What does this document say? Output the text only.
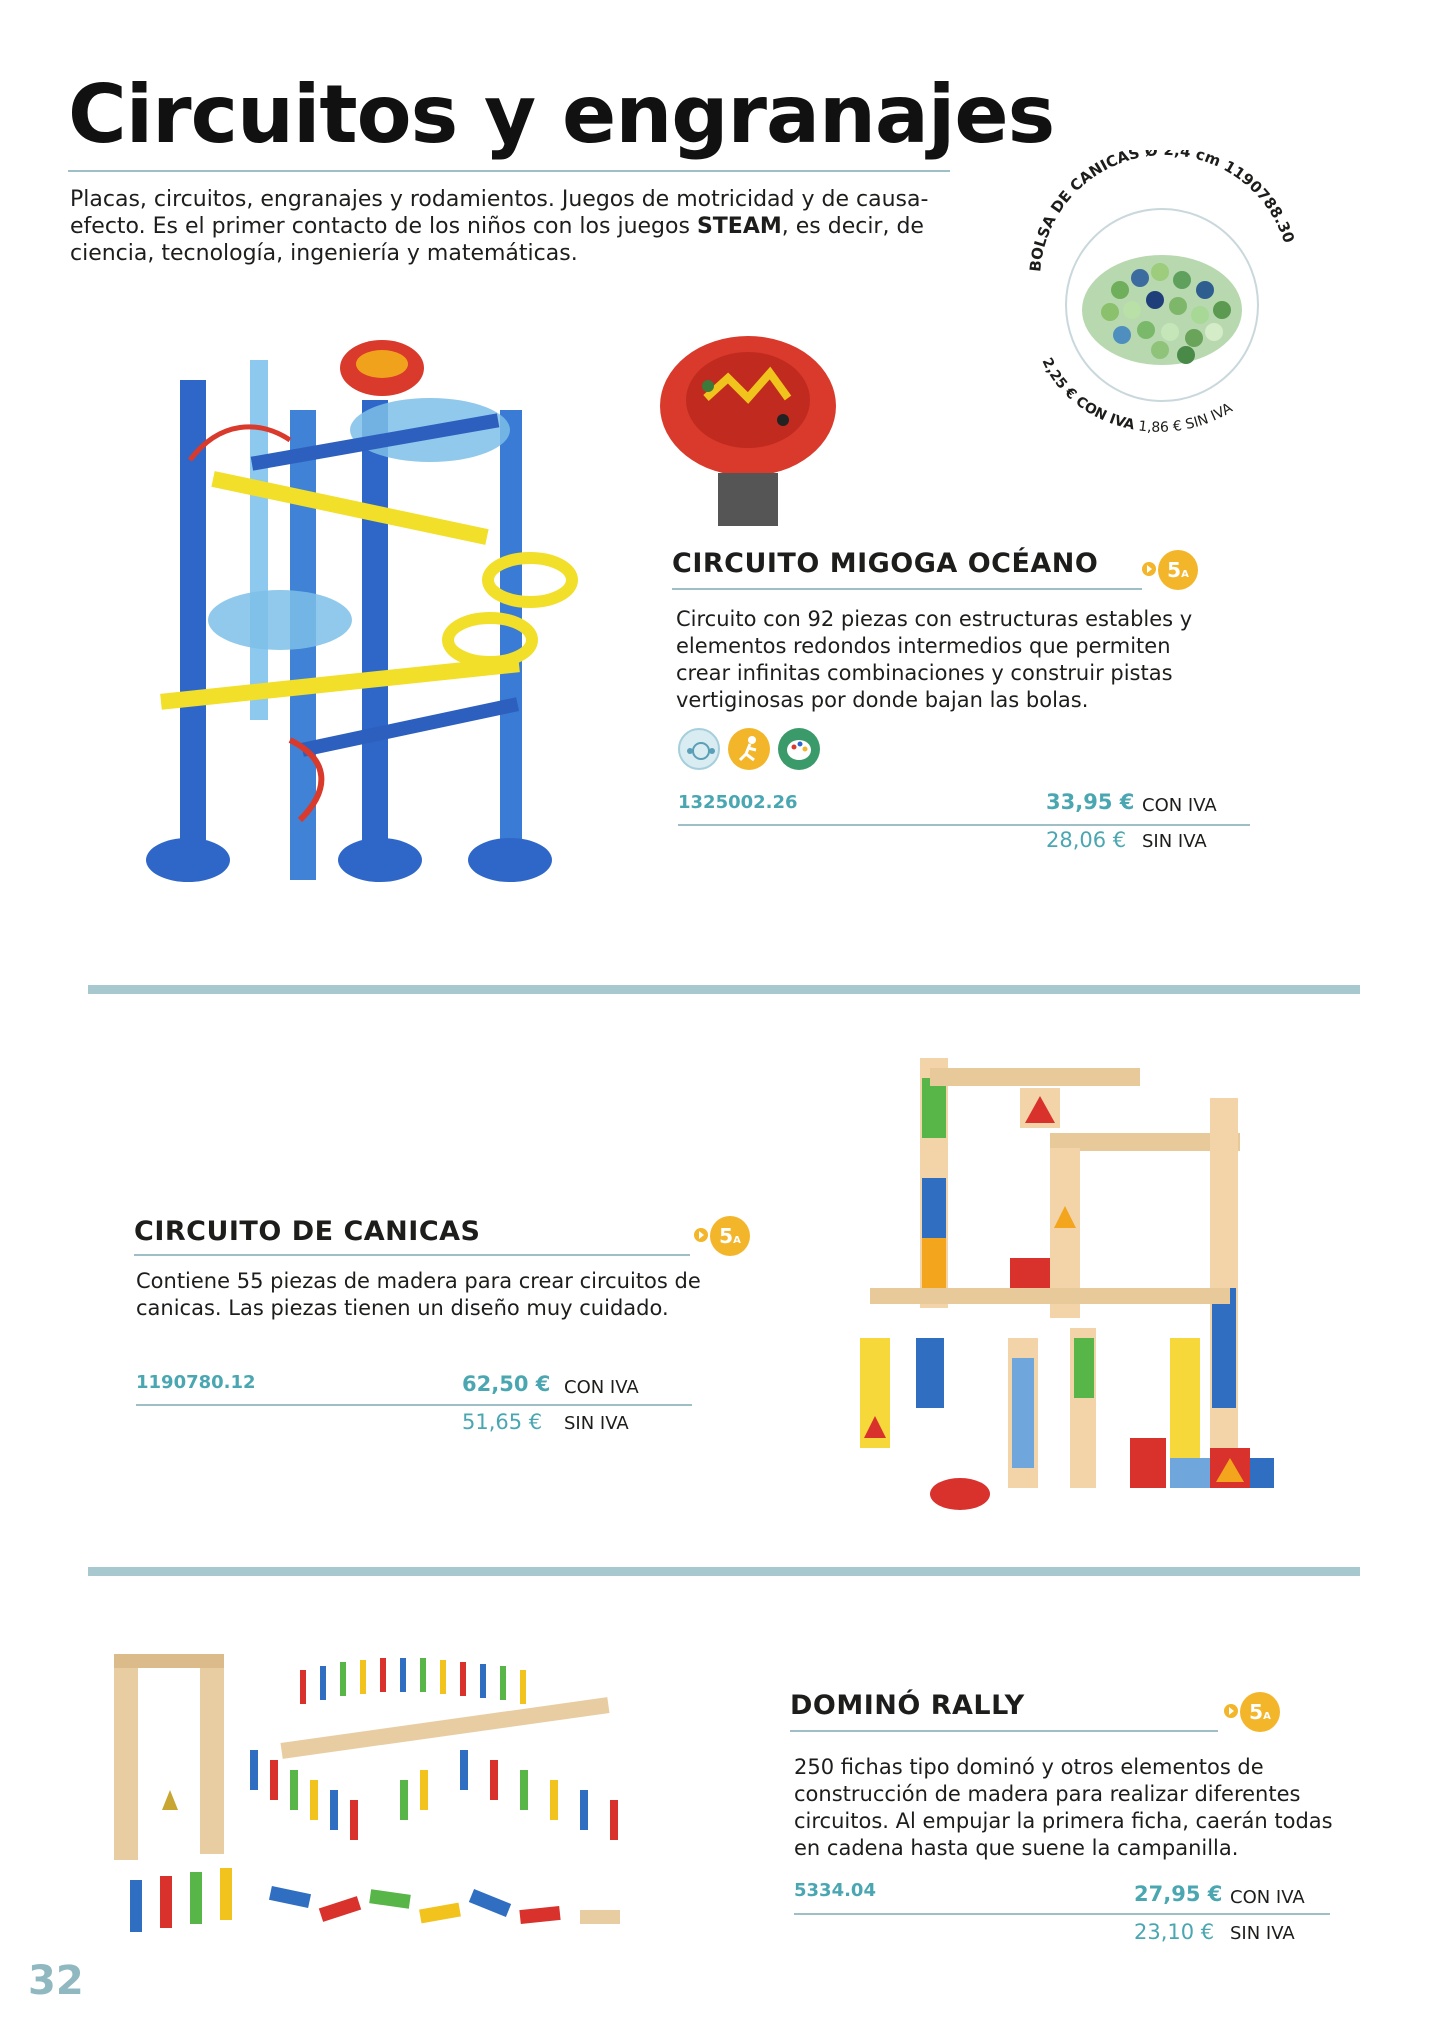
Circuitos y engranajes

Placas, circuitos, engranajes y rodamientos. Juegos de motricidad y de causa-efecto. Es el primer contacto de los niños con los juegos STEAM, es decir, de ciencia, tecnología, ingeniería y matemáticas.	BOLSA DE CANICAS Ø 2,4 cm 1190788.30
2,25 € CON IVA 1,86 € SIN IVA
CIRCUITO MIGOGA OCÉANO	5A

Circuito con 92 piezas con estructuras estables y elementos redondos intermedios que permiten crear infinitas combinaciones y construir pistas vertiginosas por donde bajan las bolas.

1325002.26	33,95 € CON IVA
28,06 € SIN IVA
CIRCUITO DE CANICAS	5A

Contiene 55 piezas de madera para crear circuitos de canicas. Las piezas tienen un diseño muy cuidado.

1190780.12	62,50 € CON IVA
51,65 € SIN IVA
DOMINÓ RALLY	5A

250 fichas tipo dominó y otros elementos de construcción de madera para realizar diferentes circuitos. Al empujar la primera ficha, caerán todas en cadena hasta que suene la campanilla.

5334.04	27,95 € CON IVA
23,10 € SIN IVA
32
